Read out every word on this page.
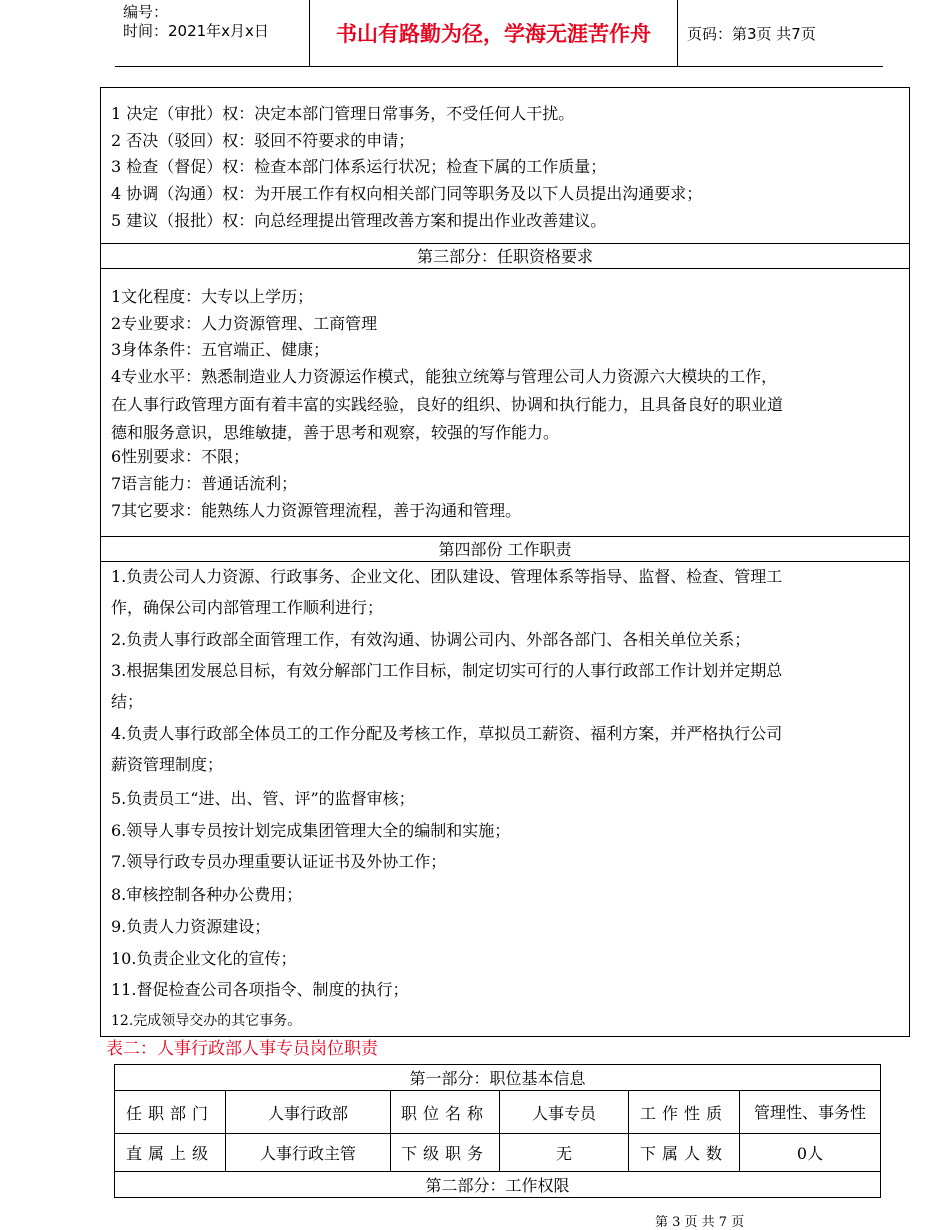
编号：
时间：2021年x月x日	书山有路勤为径，学海无涯苦作舟	页码：第3页 共7页
1 决定（审批）权：决定本部门管理日常事务，不受任何人干扰。
2 否决（驳回）权：驳回不符要求的申请；
3 检查（督促）权：检查本部门体系运行状况；检查下属的工作质量；
4 协调（沟通）权：为开展工作有权向相关部门同等职务及以下人员提出沟通要求；
5 建议（报批）权：向总经理提出管理改善方案和提出作业改善建议。
第三部分：任职资格要求
1文化程度：大专以上学历；
2专业要求：人力资源管理、工商管理
3身体条件：五官端正、健康；
4专业水平：熟悉制造业人力资源运作模式，能独立统筹与管理公司人力资源六大模块的工作，
在人事行政管理方面有着丰富的实践经验，良好的组织、协调和执行能力，且具备良好的职业道
德和服务意识，思维敏捷，善于思考和观察，较强的写作能力。
6性别要求：不限；
7语言能力：普通话流利；
7其它要求：能熟练人力资源管理流程，善于沟通和管理。
第四部份 工作职责
1.负责公司人力资源、行政事务、企业文化、团队建设、管理体系等指导、监督、检查、管理工
作，确保公司内部管理工作顺利进行；
2.负责人事行政部全面管理工作，有效沟通、协调公司内、外部各部门、各相关单位关系；
3.根据集团发展总目标，有效分解部门工作目标，制定切实可行的人事行政部工作计划并定期总
结；
4.负责人事行政部全体员工的工作分配及考核工作，草拟员工薪资、福利方案，并严格执行公司
薪资管理制度；
5.负责员工“进、出、管、评”的监督审核；
6.领导人事专员按计划完成集团管理大全的编制和实施；
7.领导行政专员办理重要认证证书及外协工作；
8.审核控制各种办公费用；
9.负责人力资源建设；
10.负责企业文化的宣传；
11.督促检查公司各项指令、制度的执行；
12.完成领导交办的其它事务。
表二：人事行政部人事专员岗位职责
第一部分：职位基本信息					
任职部门	人事行政部	职位名称	人事专员	工作性质	管理性、事务性
直属上级	人事行政主管	下级职务	无	下属人数	0人
第二部分：工作权限					
第 3 页 共 7 页
